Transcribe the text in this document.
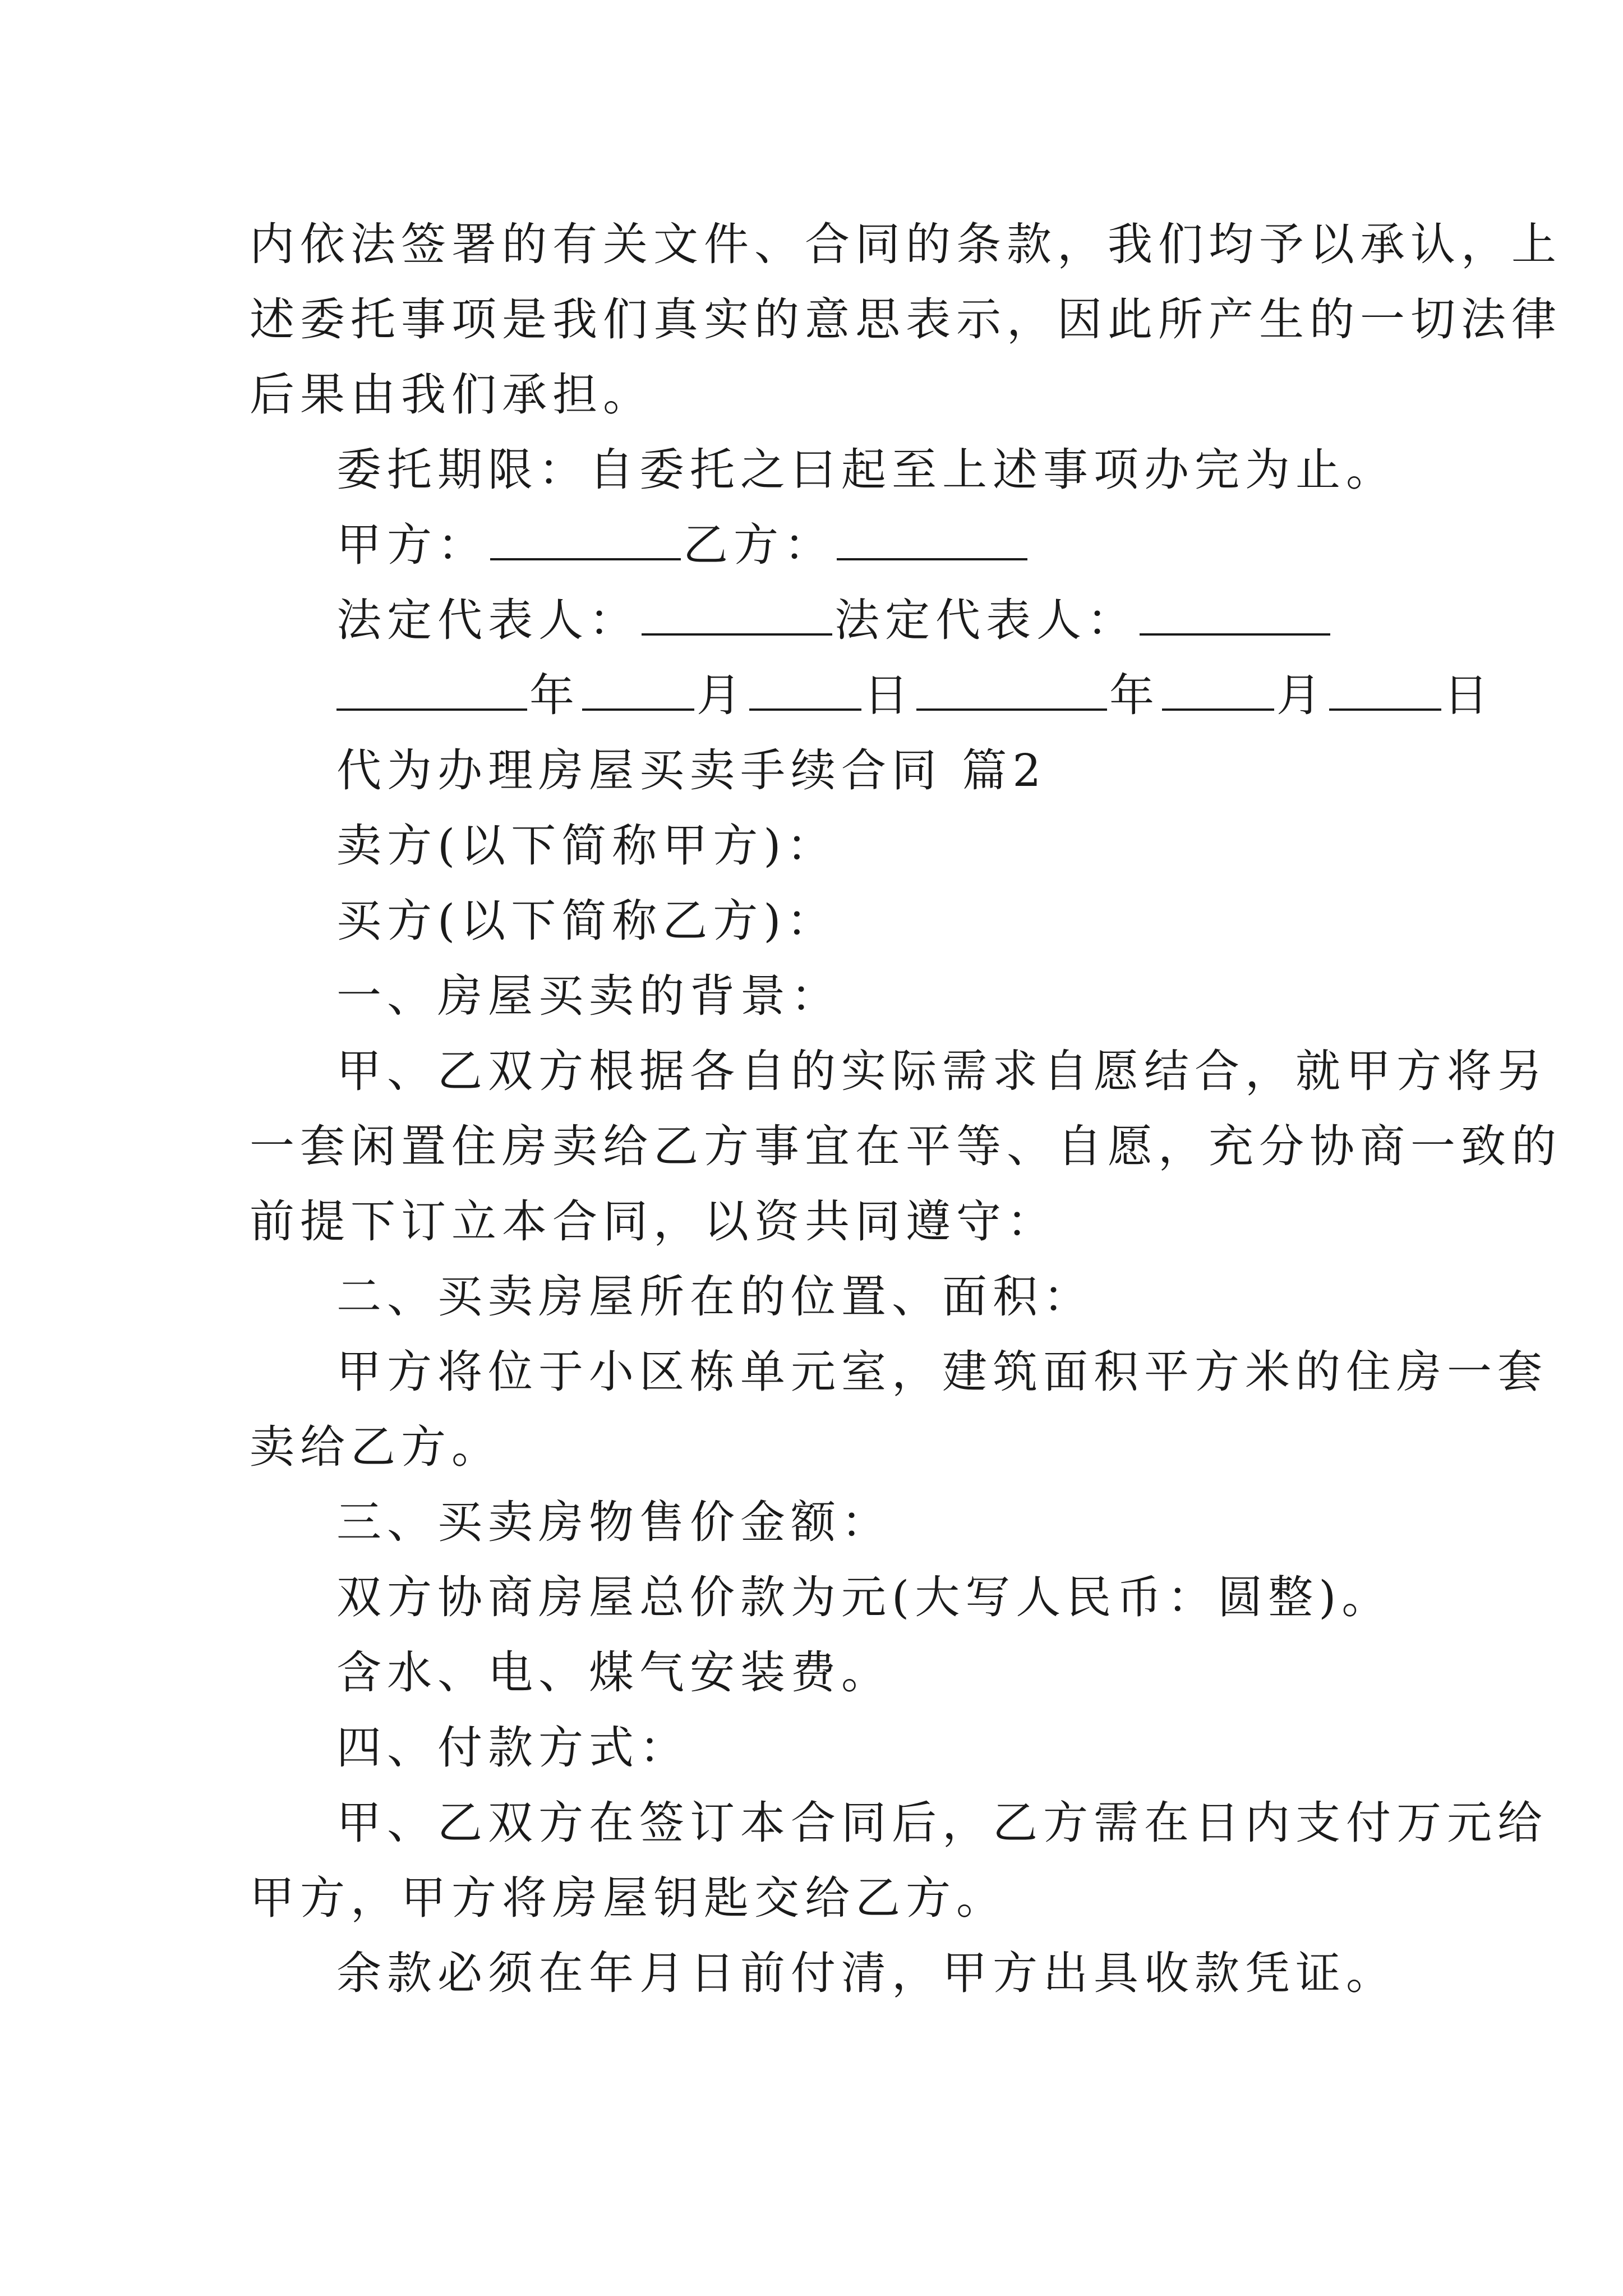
内依法签署的有关文件、合同的条款，我们均予以承认，上

述委托事项是我们真实的意思表示，因此所产生的一切法律

后果由我们承担。

委托期限：自委托之曰起至上述事项办完为止。

甲方：	乙方：

法定代表人：	法定代表人：

年	月	日	年	月	日

代为办理房屋买卖手续合同 篇2

卖方(以下简称甲方)：

买方(以下简称乙方)：

一、房屋买卖的背景：

甲、乙双方根据各自的实际需求自愿结合，就甲方将另

一套闲置住房卖给乙方事宜在平等、自愿，充分协商一致的

前提下订立本合同，以资共同遵守：

二、买卖房屋所在的位置、面积：

甲方将位于小区栋单元室，建筑面积平方米的住房一套

卖给乙方。

三、买卖房物售价金额：

双方协商房屋总价款为元(大写人民币：圆整)。

含水、电、煤气安装费。

四、付款方式：

甲、乙双方在签订本合同后，乙方需在日内支付万元给

甲方，甲方将房屋钥匙交给乙方。

余款必须在年月日前付清，甲方出具收款凭证。
